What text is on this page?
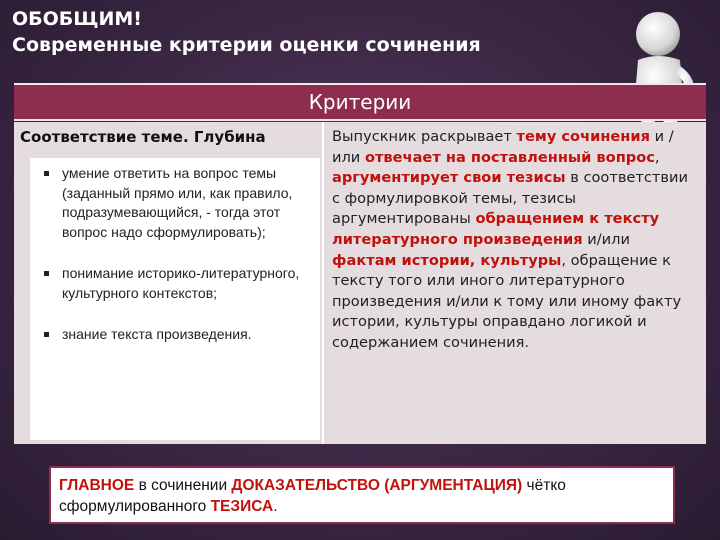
ОБОБЩИМ!
Современные критерии оценки сочинения
Критерии
Соответствие теме. Глубина
умение ответить на вопрос темы (заданный прямо или, как правило, подразумевающийся, - тогда этот вопрос надо сформулировать);
понимание историко-литературного, культурного контекстов;
знание текста произведения.
Выпускник раскрывает тему сочинения и /или отвечает на поставленный вопрос, аргументирует свои тезисы в соответствии с формулировкой темы, тезисы аргументированы обращением к тексту литературного произведения и/или фактам истории, культуры, обращение к тексту того или иного литературного произведения и/или к тому или иному факту истории, культуры оправдано логикой и содержанием сочинения.
ГЛАВНОЕ в сочинении ДОКАЗАТЕЛЬСТВО (АРГУМЕНТАЦИЯ) чётко сформулированного ТЕЗИСА.
